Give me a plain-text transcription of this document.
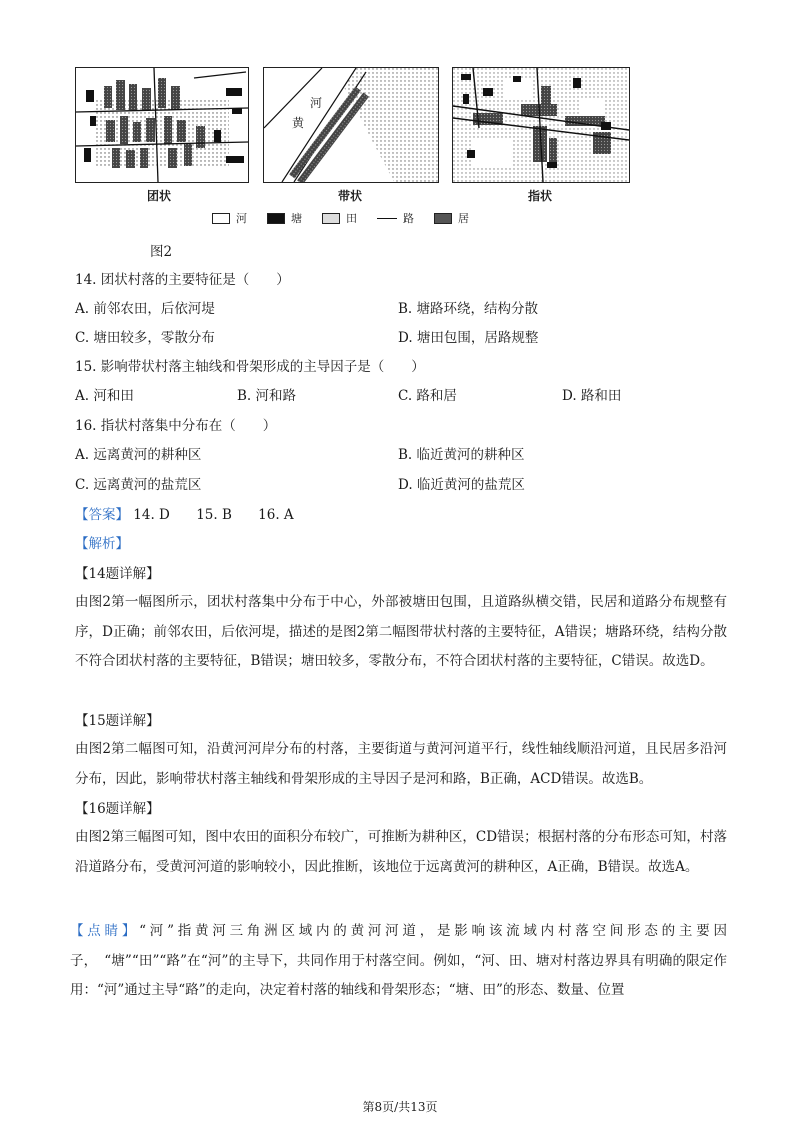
河
黄
团状	带状	指状
河	塘	田	路	居
图2
14. 团状村落的主要特征是（　　）
A. 前邻农田，后依河堤	B. 塘路环绕，结构分散
C. 塘田较多，零散分布	D. 塘田包围，居路规整
15. 影响带状村落主轴线和骨架形成的主导因子是（　　）
A. 河和田	B. 河和路	C. 路和居	D. 路和田
16. 指状村落集中分布在（　　）
A. 远离黄河的耕种区	B. 临近黄河的耕种区
C. 远离黄河的盐荒区	D. 临近黄河的盐荒区
【答案】 14. D 15. B 16. A
【解析】
【14题详解】
由图2第一幅图所示，团状村落集中分布于中心，外部被塘田包围，且道路纵横交错，民居和道路分布规整有序，D正确；前邻农田，后依河堤，描述的是图2第二幅图带状村落的主要特征，A错误；塘路环绕，结构分散不符合团状村落的主要特征，B错误；塘田较多，零散分布，不符合团状村落的主要特征，C错误。故选D。
【15题详解】
由图2第二幅图可知，沿黄河河岸分布的村落，主要街道与黄河河道平行，线性轴线顺沿河道，且民居多沿河分布，因此，影响带状村落主轴线和骨架形成的主导因子是河和路，B正确，ACD错误。故选B。
【16题详解】
由图2第三幅图可知，图中农田的面积分布较广，可推断为耕种区，CD错误；根据村落的分布形态可知，村落沿道路分布，受黄河河道的影响较小，因此推断，该地位于远离黄河的耕种区，A正确，B错误。故选A。
【点睛】“河”指黄河三角洲区域内的黄河河道，是影响该流域内村落空间形态的主要因子，　“塘”“田”“路”在“河”的主导下，共同作用于村落空间。例如，“河、田、塘对村落边界具有明确的限定作用：“河”通过主导“路”的走向，决定着村落的轴线和骨架形态；“塘、田”的形态、数量、位置
第8页/共13页
